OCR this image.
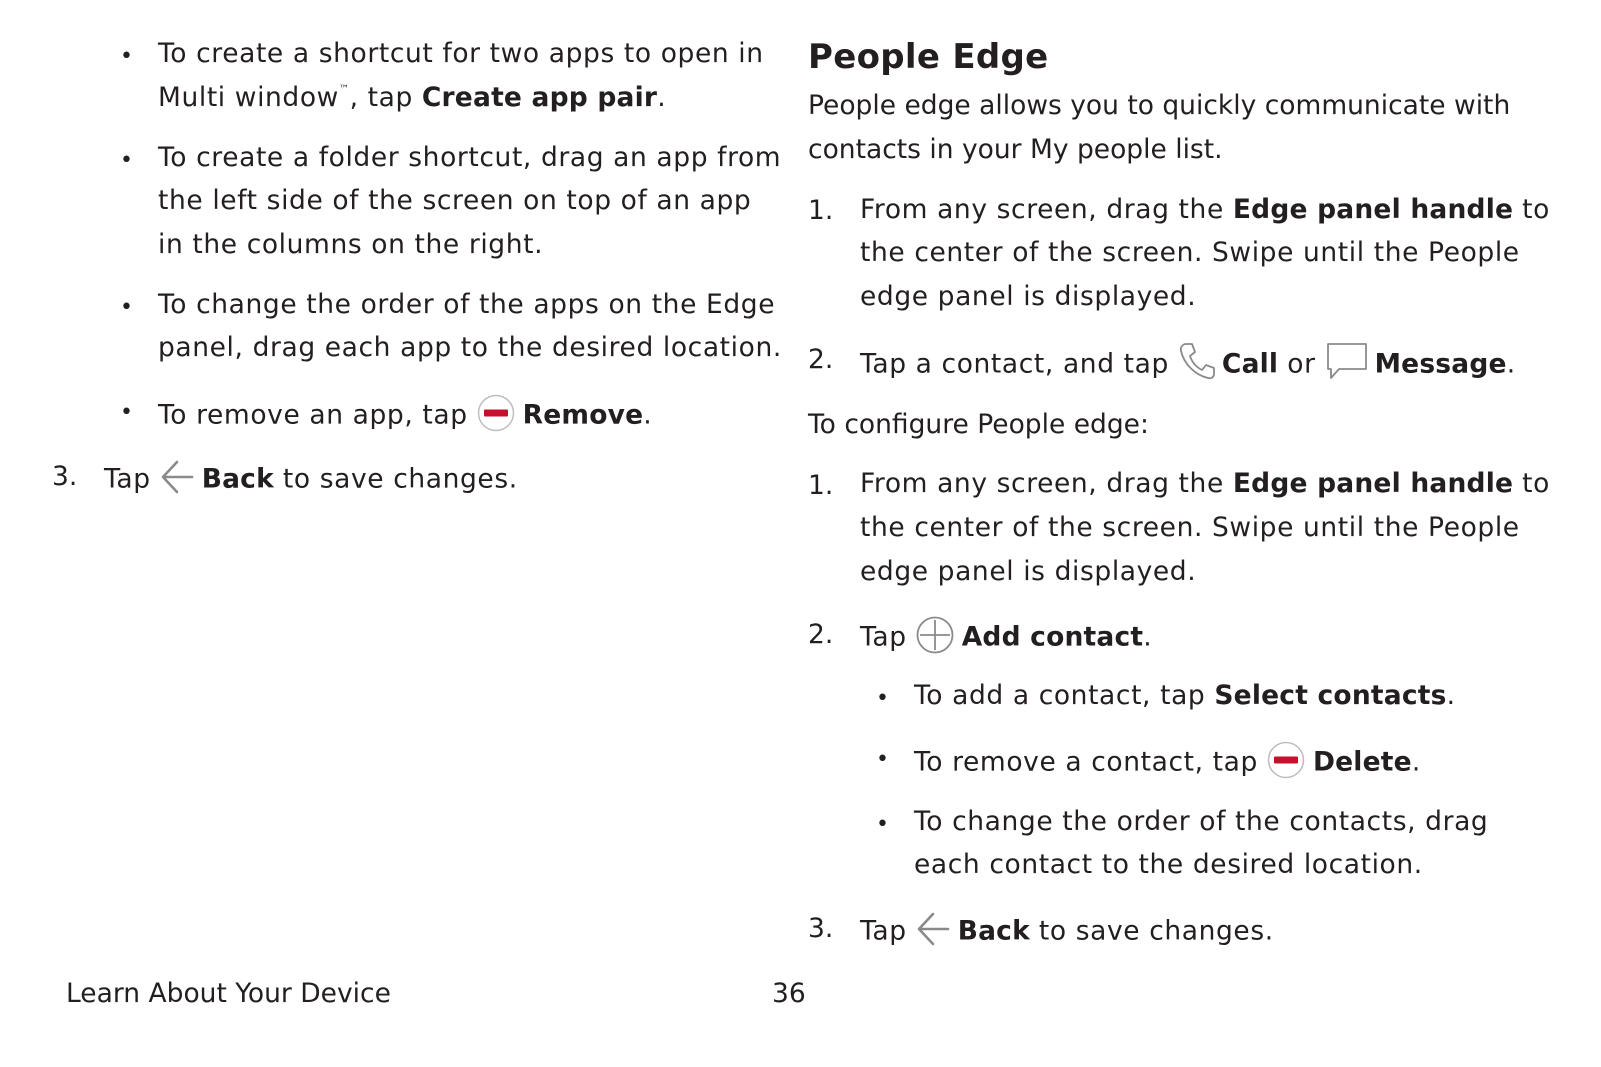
• To create a shortcut for two apps to open in
Multi window™, tap Create app pair.
• To create a folder shortcut, drag an app from
the left side of the screen on top of an app
in the columns on the right.
• To change the order of the apps on the Edge
panel, drag each app to the desired location.
• To remove an app, tap
Remove.
3. Tap
Back to save changes.
People Edge
People edge allows you to quickly communicate with
contacts in your My people list.
1. From any screen, drag the Edge panel handle to
the center of the screen. Swipe until the People
edge panel is displayed.
2. Tap a contact, and tap
Call or
Message.
To configure People edge:
1. From any screen, drag the Edge panel handle to
the center of the screen. Swipe until the People
edge panel is displayed.
2. Tap
Add contact.
• To add a contact, tap Select contacts.
• To remove a contact, tap
Delete.
• To change the order of the contacts, drag
each contact to the desired location.
3. Tap
Back to save changes.
Learn About Your Device	36
